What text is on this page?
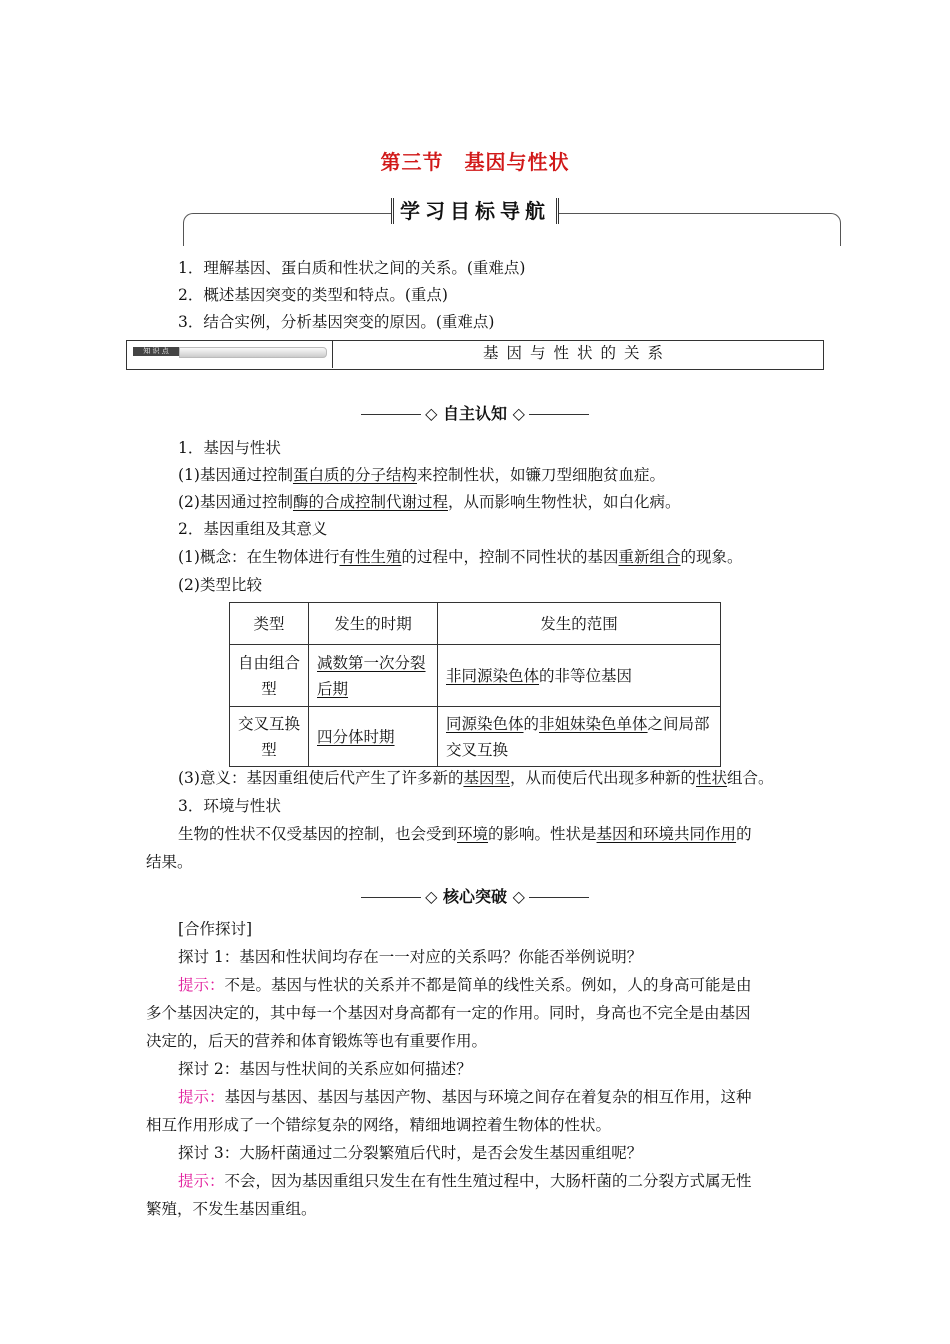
第三节　基因与性状
学习目标导航
1．理解基因、蛋白质和性状之间的关系。(重难点)
2．概述基因突变的类型和特点。(重点)
3．结合实例，分析基因突变的原因。(重难点)
知 识 点	基因与性状的关系
◇ 自主认知 ◇
1．基因与性状
(1)基因通过控制蛋白质的分子结构来控制性状，如镰刀型细胞贫血症。
(2)基因通过控制酶的合成控制代谢过程，从而影响生物性状，如白化病。
2．基因重组及其意义
(1)概念：在生物体进行有性生殖的过程中，控制不同性状的基因重新组合的现象。
(2)类型比较
类型	发生的时期	发生的范围
自由组合型	减数第一次分裂后期	非同源染色体的非等位基因
交叉互换型	四分体时期	同源染色体的非姐妹染色单体之间局部交叉互换
(3)意义：基因重组使后代产生了许多新的基因型，从而使后代出现多种新的性状组合。
3．环境与性状
生物的性状不仅受基因的控制，也会受到环境的影响。性状是基因和环境共同作用的
结果。
◇ 核心突破 ◇
[合作探讨]
探讨 1：基因和性状间均存在一一对应的关系吗？你能否举例说明？
提示：不是。基因与性状的关系并不都是简单的线性关系。例如，人的身高可能是由
多个基因决定的，其中每一个基因对身高都有一定的作用。同时，身高也不完全是由基因
决定的，后天的营养和体育锻炼等也有重要作用。
探讨 2：基因与性状间的关系应如何描述？
提示：基因与基因、基因与基因产物、基因与环境之间存在着复杂的相互作用，这种
相互作用形成了一个错综复杂的网络，精细地调控着生物体的性状。
探讨 3：大肠杆菌通过二分裂繁殖后代时，是否会发生基因重组呢？
提示：不会，因为基因重组只发生在有性生殖过程中，大肠杆菌的二分裂方式属无性
繁殖，不发生基因重组。
